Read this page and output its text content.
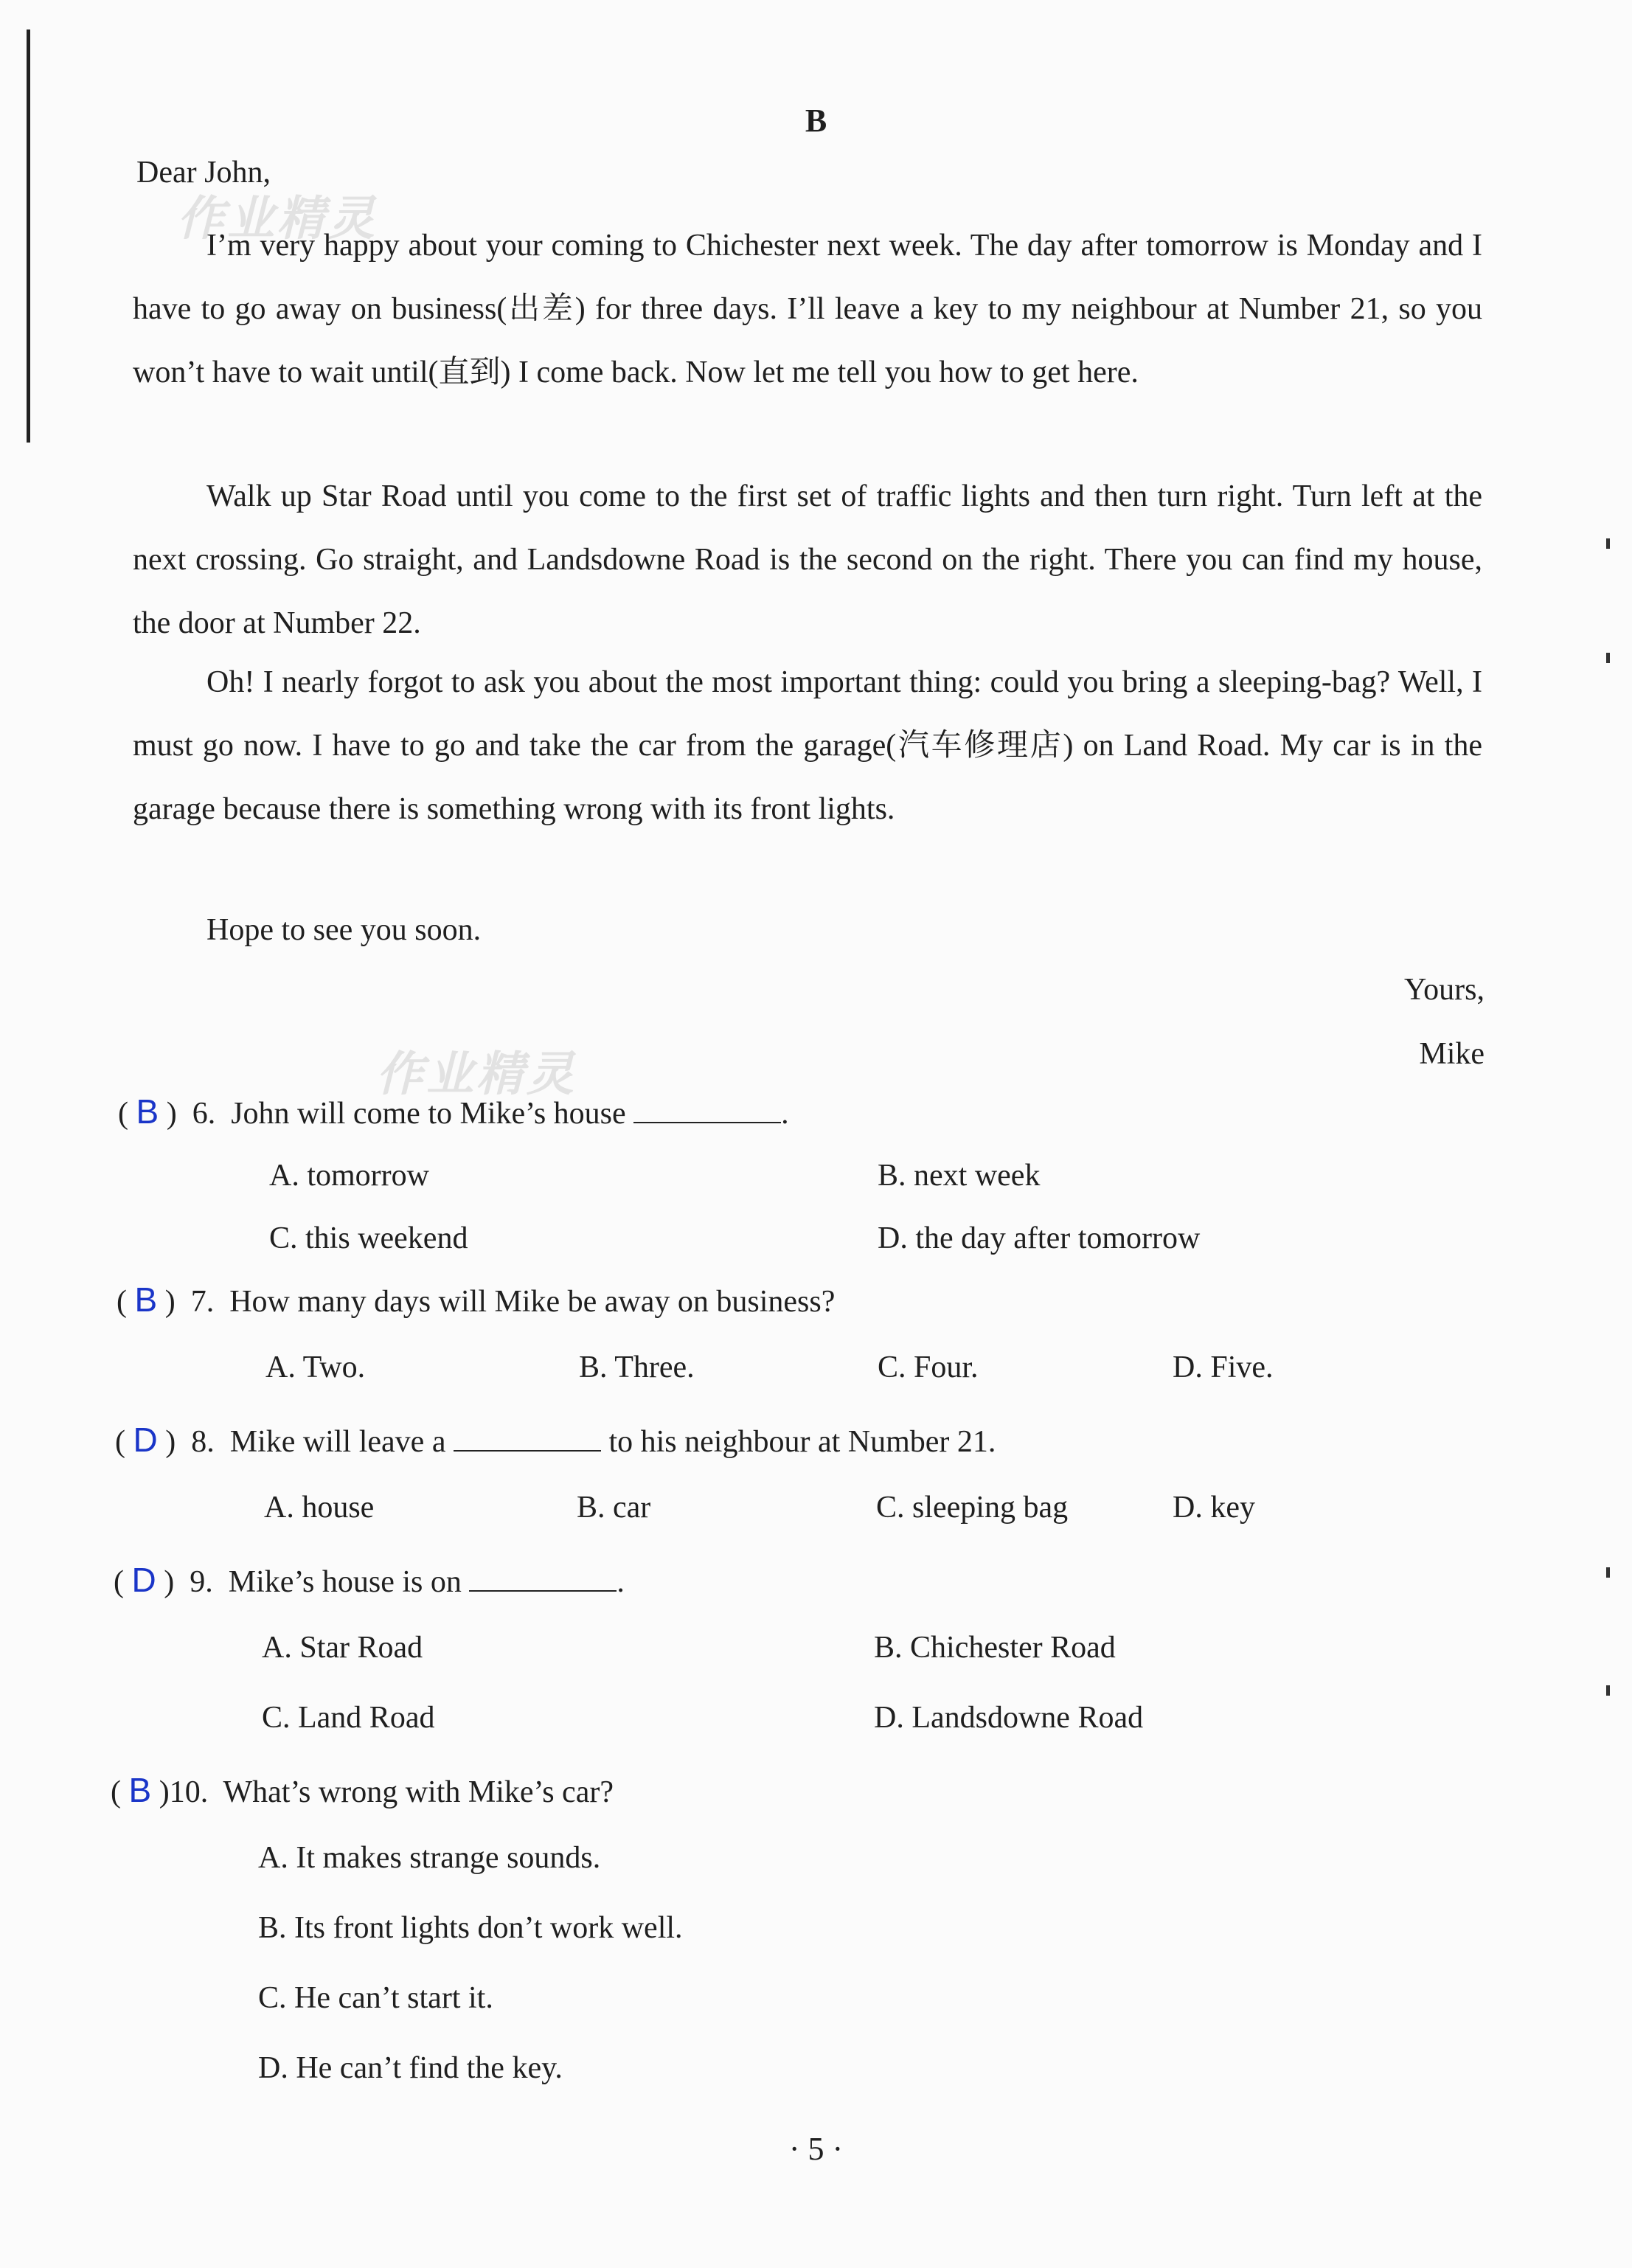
B
作业精灵
作业精灵
Dear John,

I’m very happy about your coming to Chichester next week. The day after tomorrow is Monday and I have to go away on business(出差) for three days. I’ll leave a key to my neighbour at Number 21, so you won’t have to wait until(直到) I come back. Now let me tell you how to get here.

Walk up Star Road until you come to the first set of traffic lights and then turn right. Turn left at the next crossing. Go straight, and Landsdowne Road is the second on the right. There you can find my house, the door at Number 22.

Oh! I nearly forgot to ask you about the most important thing: could you bring a sleeping-bag? Well, I must go now. I have to go and take the car from the garage(汽车修理店) on Land Road. My car is in the garage because there is something wrong with its front lights.

Hope to see you soon.

Yours,
Mike
( B )  6. John will come to Mike’s house	.
A. tomorrow	B. next week
C. this weekend	D. the day after tomorrow
( B )  7. How many days will Mike be away on business?
A. Two.	B. Three.	C. Four.	D. Five.
( D )  8. Mike will leave a	to his neighbour at Number 21.
A. house	B. car	C. sleeping bag	D. key
( D )  9. Mike’s house is on	.
A. Star Road	B. Chichester Road
C. Land Road	D. Landsdowne Road
( B )10. What’s wrong with Mike’s car?
A. It makes strange sounds.
B. Its front lights don’t work well.
C. He can’t start it.
D. He can’t find the key.
· 5 ·
